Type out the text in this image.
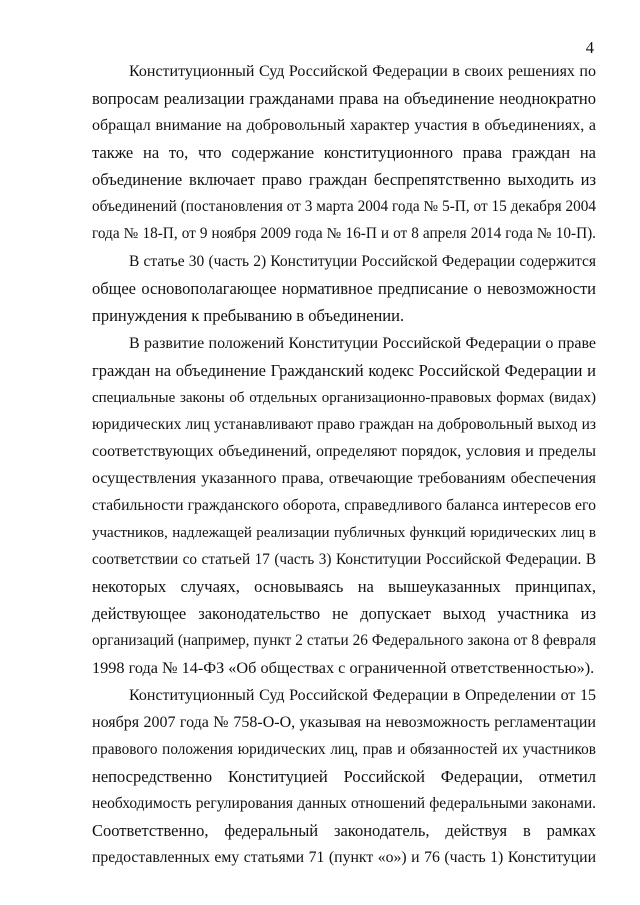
4
Конституционный Суд Российской Федерации в своих решениях по
вопросам реализации гражданами права на объединение неоднократно
обращал внимание на добровольный характер участия в объединениях, а
также на то, что содержание конституционного права граждан на
объединение включает право граждан беспрепятственно выходить из
объединений (постановления от 3 марта 2004 года № 5-П, от 15 декабря 2004
года № 18-П, от 9 ноября 2009 года № 16-П и от 8 апреля 2014 года № 10-П).
В статье 30 (часть 2) Конституции Российской Федерации содержится
общее основополагающее нормативное предписание о невозможности
принуждения к пребыванию в объединении.
В развитие положений Конституции Российской Федерации о праве
граждан на объединение Гражданский кодекс Российской Федерации и
специальные законы об отдельных организационно-правовых формах (видах)
юридических лиц устанавливают право граждан на добровольный выход из
соответствующих объединений, определяют порядок, условия и пределы
осуществления указанного права, отвечающие требованиям обеспечения
стабильности гражданского оборота, справедливого баланса интересов его
участников, надлежащей реализации публичных функций юридических лиц в
соответствии со статьей 17 (часть 3) Конституции Российской Федерации. В
некоторых случаях, основываясь на вышеуказанных принципах,
действующее законодательство не допускает выход участника из
организаций (например, пункт 2 статьи 26 Федерального закона от 8 февраля
1998 года № 14-ФЗ «Об обществах с ограниченной ответственностью»).
Конституционный Суд Российской Федерации в Определении от 15
ноября 2007 года № 758-О-О, указывая на невозможность регламентации
правового положения юридических лиц, прав и обязанностей их участников
непосредственно Конституцией Российской Федерации, отметил
необходимость регулирования данных отношений федеральными законами.
Соответственно, федеральный законодатель, действуя в рамках
предоставленных ему статьями 71 (пункт «о») и 76 (часть 1) Конституции
